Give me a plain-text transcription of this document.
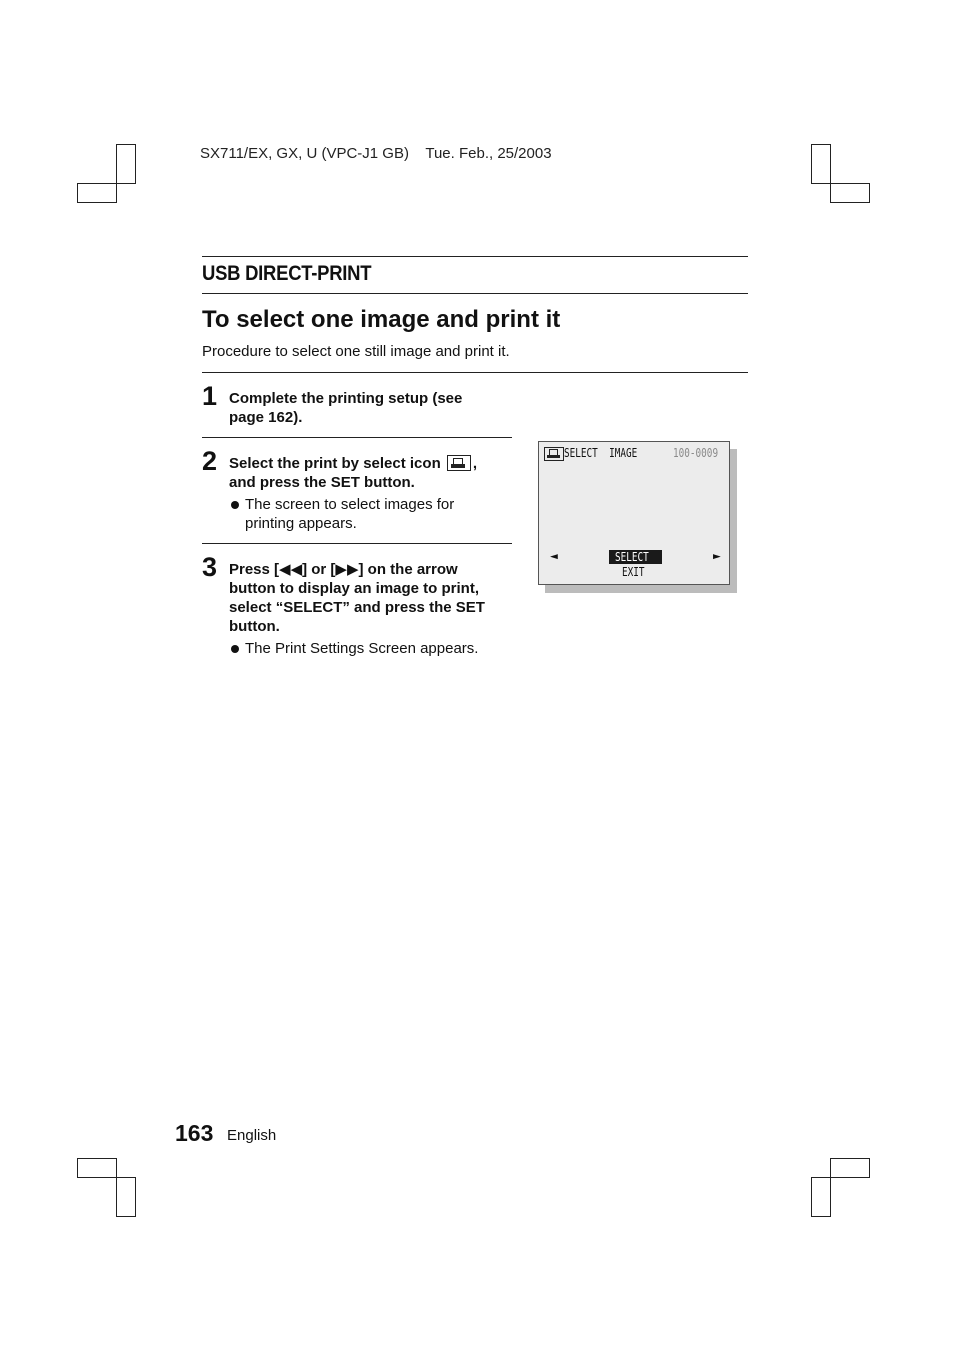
SX711/EX, GX, U (VPC-J1 GB) Tue. Feb., 25/2003
USB DIRECT-PRINT
To select one image and print it
Procedure to select one still image and print it.
1 Complete the printing setup (see page 162).
2 Select the print by select icon , and press the SET button.
The screen to select images for printing appears.
3 Press [◀◀] or [▶▶] on the arrow button to display an image to print, select “SELECT” and press the SET button.
The Print Settings Screen appears.
SELECT  IMAGE	100-0009
◄	►
SELECT
EXIT
163 English
